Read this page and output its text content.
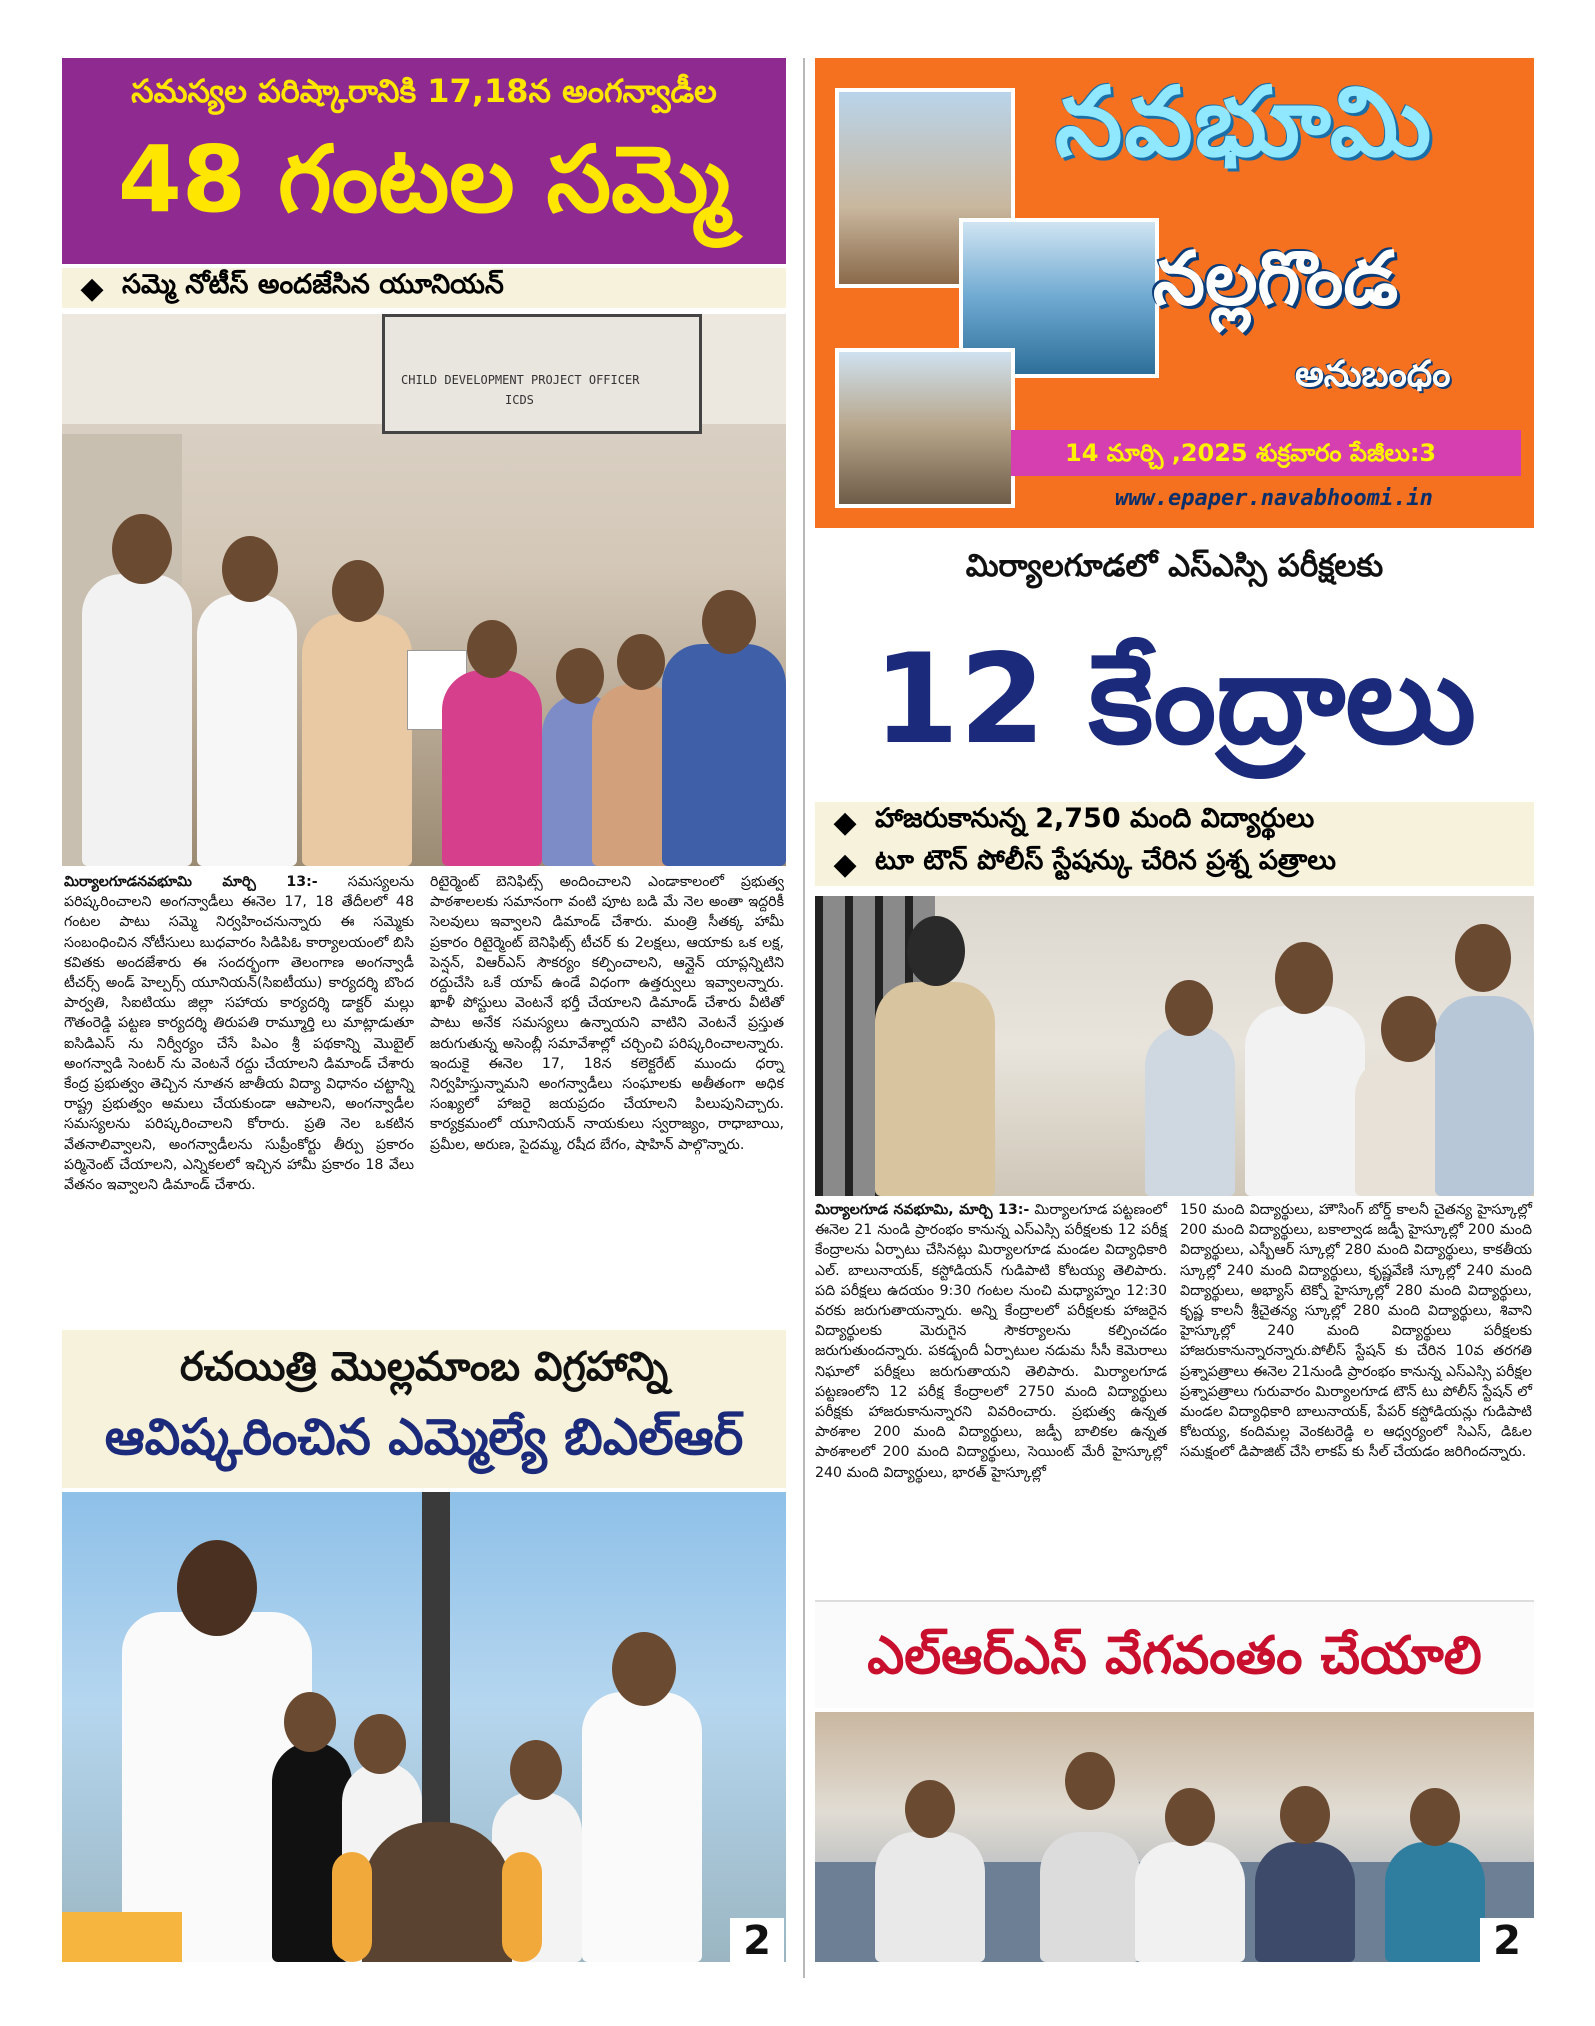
సమస్యల పరిష్కారానికి 17,18న అంగన్వాడీల
48 గంటల సమ్మె
◆ సమ్మె నోటీస్ అందజేసిన యూనియన్
CHILD DEVELOPMENT PROJECT OFFICER
ICDS
మిర్యాలగూడనవభూమి మార్చి 13:- సమస్యలను పరిష్కరించాలని అంగన్వాడీలు ఈనెల 17, 18 తేదీలలో 48 గంటల పాటు సమ్మె నిర్వహించనున్నారు ఈ సమ్మెకు సంబంధించిన నోటీసులు బుధవారం సిడిపిఓ కార్యాలయంలో బిసి కవితకు అందజేశారు ఈ సందర్భంగా తెలంగాణ అంగన్వాడీ టీచర్స్ అండ్ హెల్పర్స్ యూనియన్(సిఐటీయు) కార్యదర్శి బొంద పార్వతి, సిఐటియు జిల్లా సహాయ కార్యదర్శి డాక్టర్ మల్లు గౌతంరెడ్డి పట్టణ కార్యదర్శి తిరుపతి రామ్మూర్తి లు మాట్లాడుతూ ఐసిడిఎస్ ను నిర్వీర్యం చేసే పిఎం శ్రీ పథకాన్ని మొబైల్ అంగన్వాడి సెంటర్ ను వెంటనే రద్దు చేయాలని డిమాండ్ చేశారు కేంద్ర ప్రభుత్వం తెచ్చిన నూతన జాతీయ విద్యా విధానం చట్టాన్ని రాష్ట్ర ప్రభుత్వం అమలు చేయకుండా ఆపాలని, అంగన్వాడీల సమస్యలను పరిష్కరించాలని కోరారు. ప్రతి నెల ఒకటిన వేతనాలివ్వాలని, అంగన్వాడీలను సుప్రీంకోర్టు తీర్పు ప్రకారం పర్మినెంట్ చేయాలని, ఎన్నికలలో ఇచ్చిన హామీ ప్రకారం 18 వేలు వేతనం ఇవ్వాలని డిమాండ్ చేశారు.
రిటైర్మెంట్ బెనిఫిట్స్ అందించాలని ఎండాకాలంలో ప్రభుత్వ పాఠశాలలకు సమానంగా వంటి పూట బడి మే నెల అంతా ఇద్దరికీ సెలవులు ఇవ్వాలని డిమాండ్ చేశారు. మంత్రి సీతక్క హామీ ప్రకారం రిటైర్మెంట్ బెనిఫిట్స్ టీచర్ కు 2లక్షలు, ఆయాకు ఒక లక్ష, పెన్షన్, విఆర్ఎస్ సౌకర్యం కల్పించాలని, ఆన్లైన్ యాప్లన్నిటిని రద్దుచేసి ఒకే యాప్ ఉండే విధంగా ఉత్తర్వులు ఇవ్వాలన్నారు. ఖాళీ పోస్టులు వెంటనే భర్తీ చేయాలని డిమాండ్ చేశారు వీటితో పాటు అనేక సమస్యలు ఉన్నాయని వాటిని వెంటనే ప్రస్తుత జరుగుతున్న అసెంబ్లీ సమావేశాల్లో చర్చించి పరిష్కరించాలన్నారు. ఇందుకై ఈనెల 17, 18న కలెక్టరేట్ ముందు ధర్నా నిర్వహిస్తున్నామని అంగన్వాడీలు సంఘాలకు అతీతంగా అధిక సంఖ్యలో హాజరై జయప్రదం చేయాలని పిలుపునిచ్చారు. కార్యక్రమంలో యూనియన్ నాయకులు స్వరాజ్యం, రాధాబాయి, ప్రమీల, అరుణ, సైదమ్మ, రషీద బేగం, షాహిన్ పాల్గొన్నారు.
రచయిత్రి మొల్లమాంబ విగ్రహాన్ని
ఆవిష్కరించిన ఎమ్మెల్యే బిఎల్ఆర్
2
నవభూమి
నల్లగొండ
అనుబంధం
14 మార్చి ,2025 శుక్రవారం పేజీలు:3
www.epaper.navabhoomi.in
మిర్యాలగూడలో ఎస్ఎస్సి పరీక్షలకు
12 కేంద్రాలు
◆ హాజరుకానున్న 2,750 మంది విద్యార్థులు
◆ టూ టౌన్ పోలీస్ స్టేషన్కు చేరిన ప్రశ్న పత్రాలు
మిర్యాలగూడ నవభూమి, మార్చి 13:- మిర్యాలగూడ పట్టణంలో ఈనెల 21 నుండి ప్రారంభం కానున్న ఎస్ఎస్సి పరీక్షలకు 12 పరీక్ష కేంద్రాలను ఏర్పాటు చేసినట్లు మిర్యాలగూడ మండల విద్యాధికారి ఎల్. బాలునాయక్, కస్టోడియన్ గుడిపాటి కోటయ్య తెలిపారు. పది పరీక్షలు ఉదయం 9:30 గంటల నుంచి మధ్యాహ్నం 12:30 వరకు జరుగుతాయన్నారు. అన్ని కేంద్రాలలో పరీక్షలకు హాజరైన విద్యార్థులకు మెరుగైన సౌకర్యాలను కల్పించడం జరుగుతుందన్నారు. పకడ్బందీ ఏర్పాటుల నడుమ సీసీ కెమెరాలు నిఘాలో పరీక్షలు జరుగుతాయని తెలిపారు. మిర్యాలగూడ పట్టణంలోని 12 పరీక్ష కేంద్రాలలో 2750 మంది విద్యార్థులు పరీక్షకు హాజరుకానున్నారని వివరించారు. ప్రభుత్వ ఉన్నత పాఠశాల 200 మంది విద్యార్థులు, జడ్పీ బాలికల ఉన్నత పాఠశాలలో 200 మంది విద్యార్థులు, సెయింట్ మేరీ హైస్కూల్లో 240 మంది విద్యార్థులు, భారత్ హైస్కూల్లో
150 మంది విద్యార్థులు, హౌసింగ్ బోర్డ్ కాలనీ చైతన్య హైస్కూల్లో 200 మంది విద్యార్థులు, బకాల్వాడ జడ్పీ హైస్కూల్లో 200 మంది విద్యార్థులు, ఎస్బీఆర్ స్కూల్లో 280 మంది విద్యార్థులు, కాకతీయ స్కూల్లో 240 మంది విద్యార్థులు, కృష్ణవేణి స్కూల్లో 240 మంది విద్యార్థులు, అభ్యాస్ టెక్నో హైస్కూల్లో 280 మంది విద్యార్థులు, కృష్ణ కాలనీ శ్రీచైతన్య స్కూల్లో 280 మంది విద్యార్థులు, శివాని హైస్కూల్లో 240 మంది విద్యార్థులు పరీక్షలకు హాజరుకానున్నారన్నారు.పోలీస్ స్టేషన్ కు చేరిన 10వ తరగతి ప్రశ్నాపత్రాలు ఈనెల 21నుండి ప్రారంభం కానున్న ఎస్ఎస్సి పరీక్షల ప్రశ్నాపత్రాలు గురువారం మిర్యాలగూడ టౌన్ టు పోలీస్ స్టేషన్ లో మండల విద్యాధికారి బాలునాయక్, పేపర్ కస్టోడియన్లు గుడిపాటి కోటయ్య, కందిమల్ల వెంకటరెడ్డి ల ఆధ్వర్యంలో సిఎస్, డిఓల సమక్షంలో డిపాజిట్ చేసి లాకప్ కు సీల్ చేయడం జరిగిందన్నారు.
ఎల్ఆర్ఎస్ వేగవంతం చేయాలి
2
